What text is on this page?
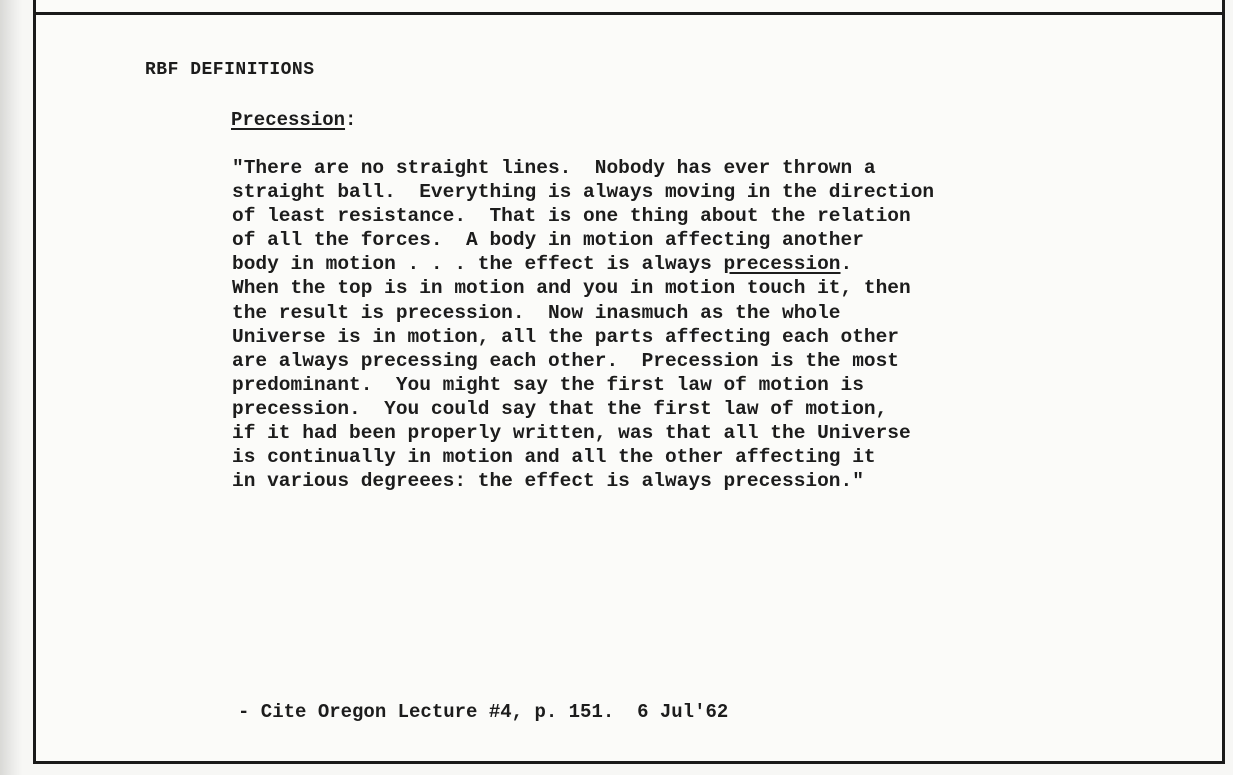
RBF DEFINITIONS

Precession:

"There are no straight lines.  Nobody has ever thrown a
straight ball.  Everything is always moving in the direction
of least resistance.  That is one thing about the relation
of all the forces.  A body in motion affecting another
body in motion . . . the effect is always precession.
When the top is in motion and you in motion touch it, then
the result is precession.  Now inasmuch as the whole
Universe is in motion, all the parts affecting each other
are always precessing each other.  Precession is the most
predominant.  You might say the first law of motion is
precession.  You could say that the first law of motion,
if it had been properly written, was that all the Universe
is continually in motion and all the other affecting it
in various degreees: the effect is always precession."

- Cite Oregon Lecture #4, p. 151.  6 Jul'62
